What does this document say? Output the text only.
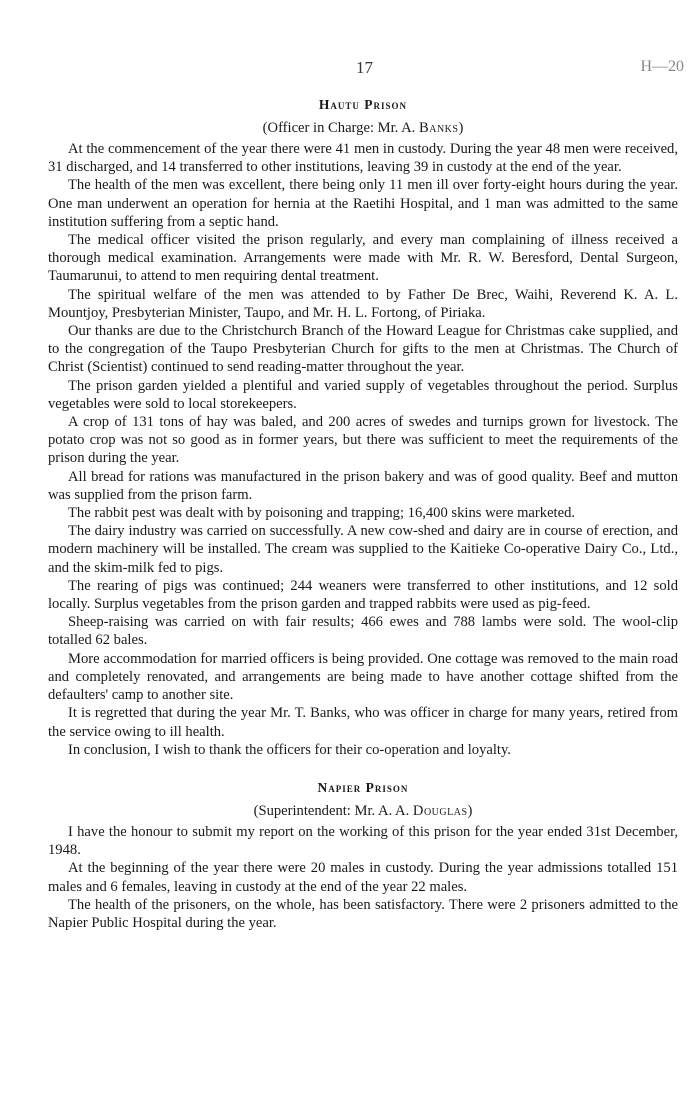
17	H—20
Hautu Prison
(Officer in Charge: Mr. A. Banks)

At the commencement of the year there were 41 men in custody. During the year 48 men were received, 31 discharged, and 14 transferred to other institutions, leaving 39 in custody at the end of the year.

The health of the men was excellent, there being only 11 men ill over forty-eight hours during the year. One man underwent an operation for hernia at the Raetihi Hospital, and 1 man was admitted to the same institution suffering from a septic hand.

The medical officer visited the prison regularly, and every man complaining of illness received a thorough medical examination. Arrangements were made with Mr. R. W. Beresford, Dental Surgeon, Taumarunui, to attend to men requiring dental treatment.

The spiritual welfare of the men was attended to by Father De Brec, Waihi, Reverend K. A. L. Mountjoy, Presbyterian Minister, Taupo, and Mr. H. L. Fortong, of Piriaka.

Our thanks are due to the Christchurch Branch of the Howard League for Christmas cake supplied, and to the congregation of the Taupo Presbyterian Church for gifts to the men at Christmas. The Church of Christ (Scientist) continued to send reading-matter throughout the year.

The prison garden yielded a plentiful and varied supply of vegetables throughout the period. Surplus vegetables were sold to local storekeepers.

A crop of 131 tons of hay was baled, and 200 acres of swedes and turnips grown for livestock. The potato crop was not so good as in former years, but there was sufficient to meet the requirements of the prison during the year.

All bread for rations was manufactured in the prison bakery and was of good quality. Beef and mutton was supplied from the prison farm.

The rabbit pest was dealt with by poisoning and trapping; 16,400 skins were marketed.

The dairy industry was carried on successfully. A new cow-shed and dairy are in course of erection, and modern machinery will be installed. The cream was supplied to the Kaitieke Co-operative Dairy Co., Ltd., and the skim-milk fed to pigs.

The rearing of pigs was continued; 244 weaners were transferred to other institutions, and 12 sold locally. Surplus vegetables from the prison garden and trapped rabbits were used as pig-feed.

Sheep-raising was carried on with fair results; 466 ewes and 788 lambs were sold. The wool-clip totalled 62 bales.

More accommodation for married officers is being provided. One cottage was removed to the main road and completely renovated, and arrangements are being made to have another cottage shifted from the defaulters' camp to another site.

It is regretted that during the year Mr. T. Banks, who was officer in charge for many years, retired from the service owing to ill health.

In conclusion, I wish to thank the officers for their co-operation and loyalty.

Napier Prison
(Superintendent: Mr. A. A. Douglas)

I have the honour to submit my report on the working of this prison for the year ended 31st December, 1948.

At the beginning of the year there were 20 males in custody. During the year admissions totalled 151 males and 6 females, leaving in custody at the end of the year 22 males.

The health of the prisoners, on the whole, has been satisfactory. There were 2 prisoners admitted to the Napier Public Hospital during the year.
